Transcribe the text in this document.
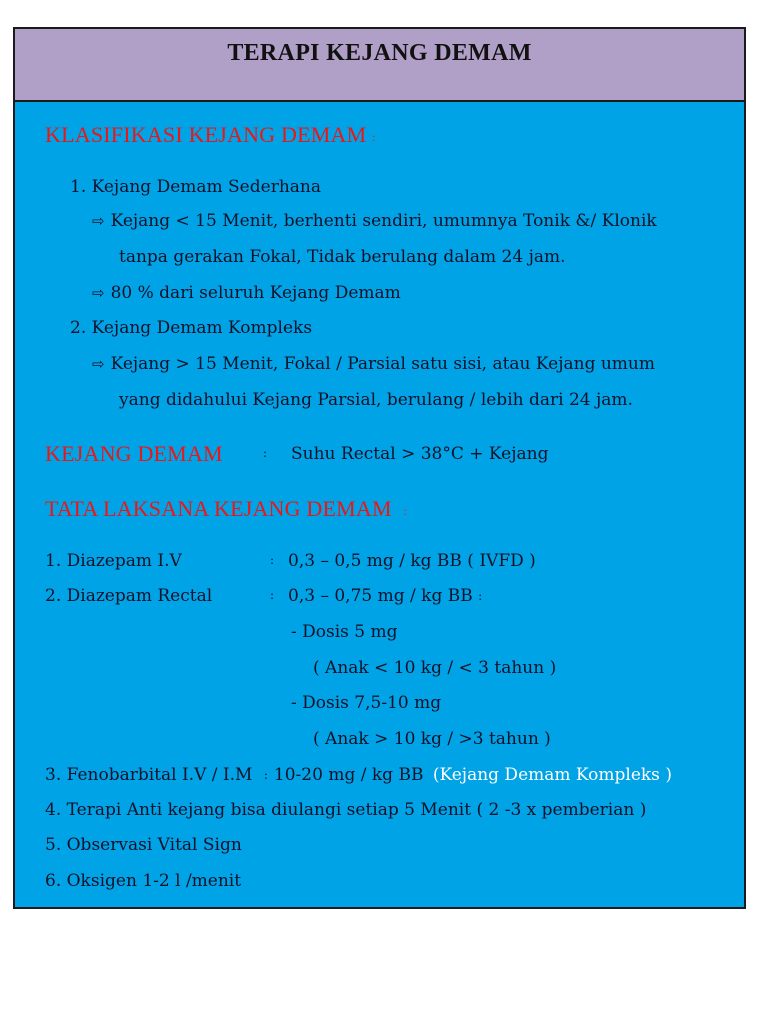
TERAPI KEJANG DEMAM
KLASIFIKASI KEJANG DEMAM :
1. Kejang Demam Sederhana
⇨ Kejang < 15 Menit, berhenti sendiri, umumnya Tonik &/ Klonik
tanpa gerakan Fokal, Tidak berulang dalam 24 jam.
⇨ 80 % dari seluruh Kejang Demam
2. Kejang Demam Kompleks
⇨ Kejang > 15 Menit, Fokal / Parsial satu sisi, atau Kejang umum
yang didahului Kejang Parsial, berulang / lebih dari 24 jam.
KEJANG DEMAM	: Suhu Rectal > 38°C + Kejang
TATA LAKSANA KEJANG DEMAM :
1. Diazepam I.V	: 0,3 – 0,5 mg / kg BB ( IVFD )
2. Diazepam Rectal	: 0,3 – 0,75 mg / kg BB :
- Dosis 5 mg
( Anak < 10 kg / < 3 tahun )
- Dosis 7,5-10 mg
( Anak > 10 kg / >3 tahun )
3. Fenobarbital I.V / I.M : 10-20 mg / kg BB (Kejang Demam Kompleks )
4. Terapi Anti kejang bisa diulangi setiap 5 Menit ( 2 -3 x pemberian )
5. Observasi Vital Sign
6. Oksigen 1-2 l /menit
